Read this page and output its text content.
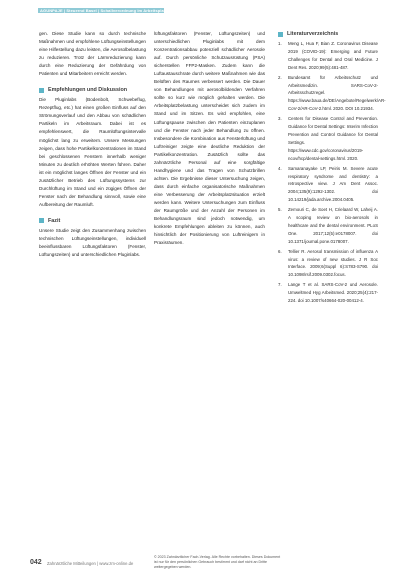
AGUNPAJE | Steuernd Basel | Schallverordnung im Arbeitsplatzbereich

gen. Diese Studie kann so durch technische Maßnahmen und empfohlene Lüftungseinstellungen eine Hilfestellung dazu leisten, die Aerosolbelastung zu reduzieren. Trotz der Lärmreduzierung kann durch eine Reduzierung der Gefährdung von Patienten und Mitarbeitern erreicht werden.

Empfehlungen und Diskussion

Die Pluginlabs (Bodenbolt, Schwebeflug, Rezeptflug, etc.) hat einen großen Einfluss auf den Strömungsverlauf und den Abbau von schädlichen Partikeln im Arbeitsraum. Dabei ist es empfehlenswert, die Raumlüftungsintervalle möglichst lang zu erweitern. Unsere Messungen zeigen, dass hohe Partikelkonzentrationen im Stand bei geschlossenen Fenstern innerhalb weniger Minuten zu deutlich erhöhten Werten führen. Daher ist ein möglichst langes Öffnen der Fenster und ein zusätzlicher Betrieb des Lüftungssystems zur Durchlüftung im Stand und ein zügiges Öffnen der Fenster nach der Behandlung sinnvoll, sowie eine Aufbereitung der Raumluft.

Fazit

Unsere Studie zeigt den Zusammenhang zwischen technischen Lüftungseinstellungen, individuell beeinflussbaren Lüftungsfaktoren (Fenster, Lüftungszeiten) und unterschiedlichen Pluginlabs.

lüftungsfaktoren (Fenster, Lüftungszeiten) und unterschiedlichen Pluginlabs mit dem Konzentrationsabbau potenziell schädlicher Aerosole auf. Durch persönliche Schutzausrüstung (PSA) sicherstellen FFP2-Masken. Zudem kann die Luftaustauschrate durch weitere Maßnahmen wie das Belüften des Raumes verbessert werden. Die Dauer von Behandlungen mit aerosolbildenden Verfahren sollte so kurz wie möglich gehalten werden. Die Arbeitsplatzbelastung unterscheidet sich zudem im Stand und im Sitzen. Es wird empfohlen, eine Lüftungspause zwischen den Patienten einzuplanen und die Fenster nach jeder Behandlung zu öffnen. Insbesondere die Kombination aus Fensterlüftung und Luftreiniger zeigte eine deutliche Reduktion der Partikelkonzentration. Zusätzlich sollte das zahnärztliche Personal auf eine sorgfältige Handhygiene und das Tragen von Schutzbrillen achten. Die Ergebnisse dieser Untersuchung zeigen, dass durch einfache organisatorische Maßnahmen eine Verbesserung der Arbeitsplatzsituation erzielt werden kann. Weitere Untersuchungen zum Einfluss der Raumgröße und der Anzahl der Personen im Behandlungsraum sind jedoch notwendig, um konkrete Empfehlungen ableiten zu können, auch hinsichtlich der Positionierung von Luftreinigern in Praxisräumen.

Literaturverzeichnis
1. Meng L, Hua F, Bian Z. Coronavirus Disease 2019 (COVID-19): Emerging and Future Challenges for Dental and Oral Medicine. J Dent Res. 2020;99(5):481-487.
2. Bundesamt für Arbeitsschutz und Arbeitsmedizin. SARS-CoV-2-Arbeitsschutzregel. https://www.baua.de/DE/Angebote/Regelwerk/AR-CoV-2/AR-CoV-2.html. 2020. DOI 10.21934.
3. Centers for Disease Control and Prevention. Guidance for Dental Settings: Interim Infection Prevention and Control Guidance for Dental Settings. https://www.cdc.gov/coronavirus/2019-ncov/hcp/dental-settings.html. 2020.
4. Samaranayake LP, Peiris M. Severe acute respiratory syndrome and dentistry: a retrospective view. J Am Dent Assoc. 2004;135(9):1292-1302. doi 10.14219/jada.archive.2004.0405.
5. Zemouri C, de Soet H, Crielaard W, Laheij A. A scoping review on bio-aerosols in healthcare and the dental environment. PLoS One. 2017;12(5):e0178007. doi 10.1371/journal.pone.0178007.
6. Tellier R. Aerosol transmission of influenza A virus: a review of new studies. J R Soc Interface. 2009;6(Suppl 6):S783-S790. doi 10.1098/rsif.2009.0302.focus.
7. Lange T et al. SARS-CoV-2 und Aerosole. Umweltmed Hyg Arbeitsmed. 2020;25(4):217-224. doi 10.1007/s40664-020-00412-4.
042 Zahnärztliche Mitteilungen | www.zm-online.de
© 2023 Zahnärztlicher Fach-Verlag. Alle Rechte vorbehalten. Dieses Dokument ist nur für den persönlichen Gebrauch bestimmt und darf nicht an Dritte weitergegeben werden.
